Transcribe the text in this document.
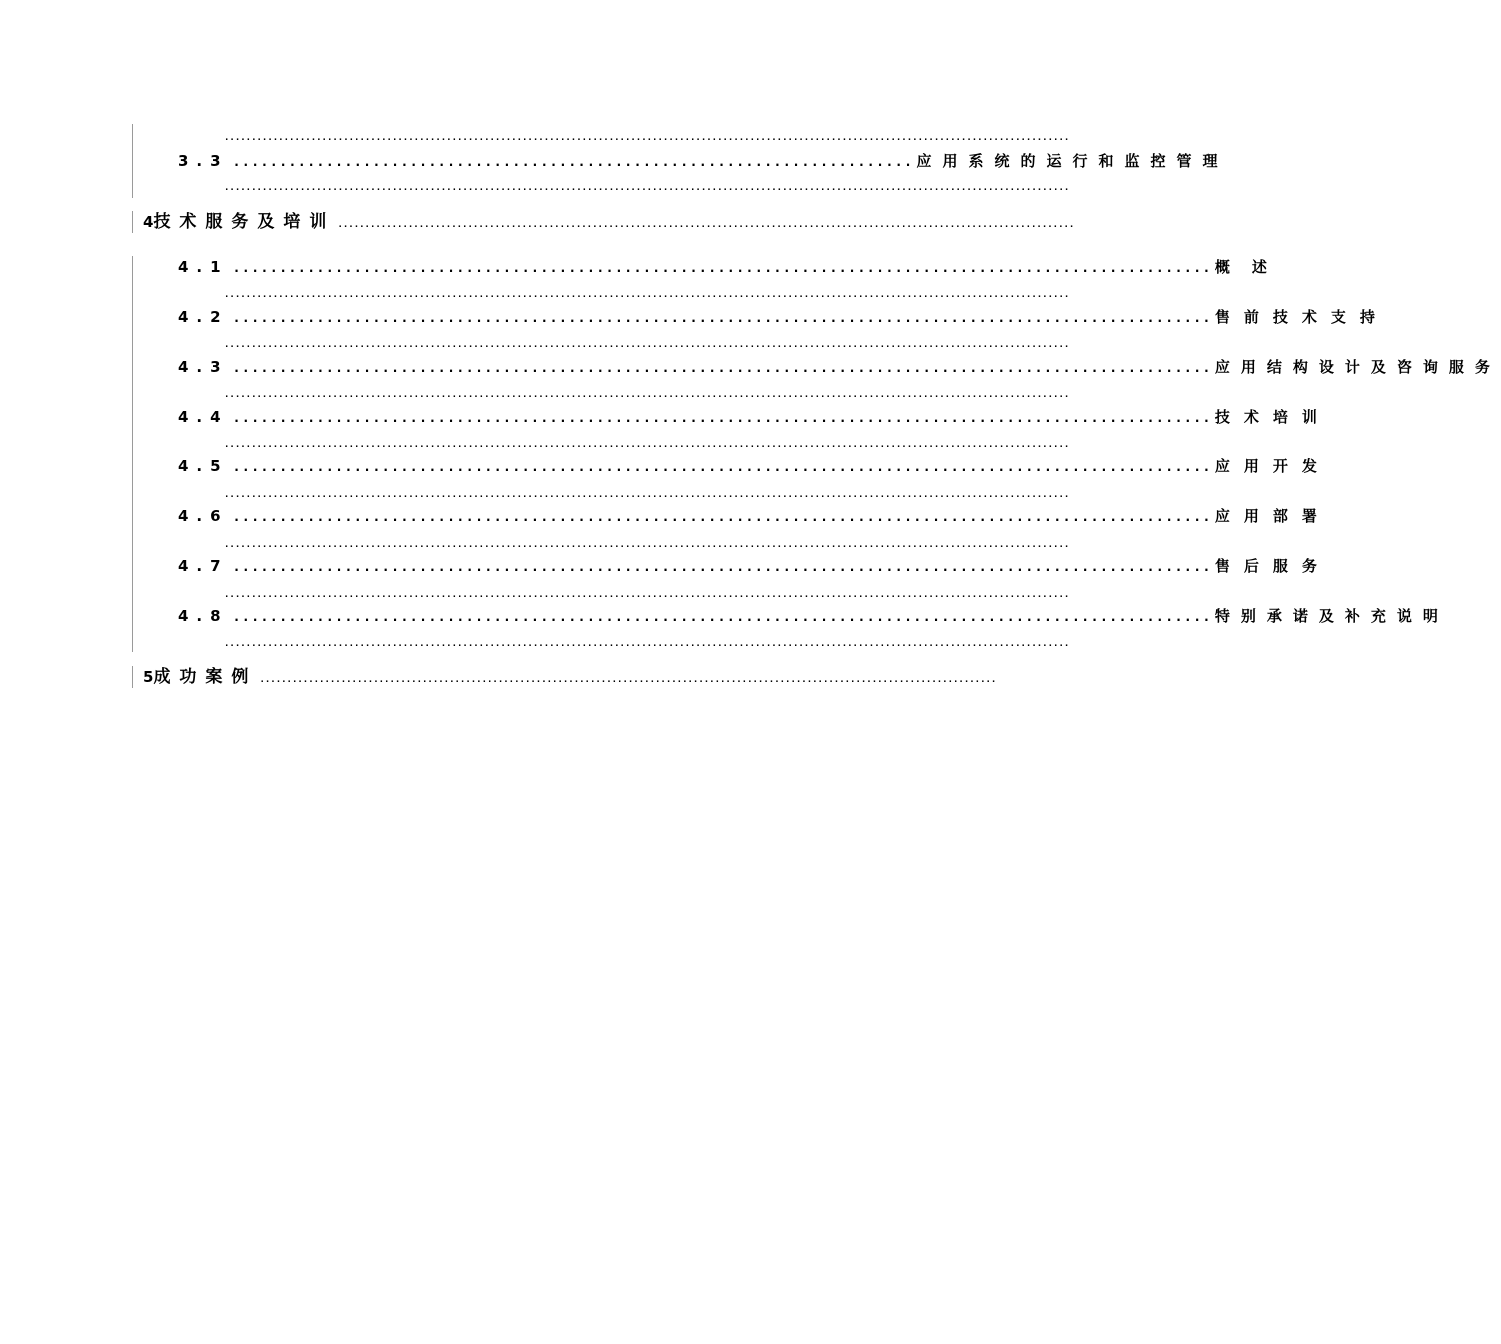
............................................................................................................................................................
3.3 ......................................................................... 应用系统的运行和监控管理
............................................................................................................................................................
4 技术服务及培训 ........................................................................................................................................
4.1 ......................................................................................................... 概述
............................................................................................................................................................
4.2 ......................................................................................................... 售前技术支持
............................................................................................................................................................
4.3 ......................................................................................................... 应用结构设计及咨询服务
............................................................................................................................................................
4.4 ......................................................................................................... 技术培训
............................................................................................................................................................
4.5 ......................................................................................................... 应用开发
............................................................................................................................................................
4.6 ......................................................................................................... 应用部署
............................................................................................................................................................
4.7 ......................................................................................................... 售后服务
............................................................................................................................................................
4.8 ......................................................................................................... 特别承诺及补充说明
............................................................................................................................................................
5 成功案例 ........................................................................................................................................
